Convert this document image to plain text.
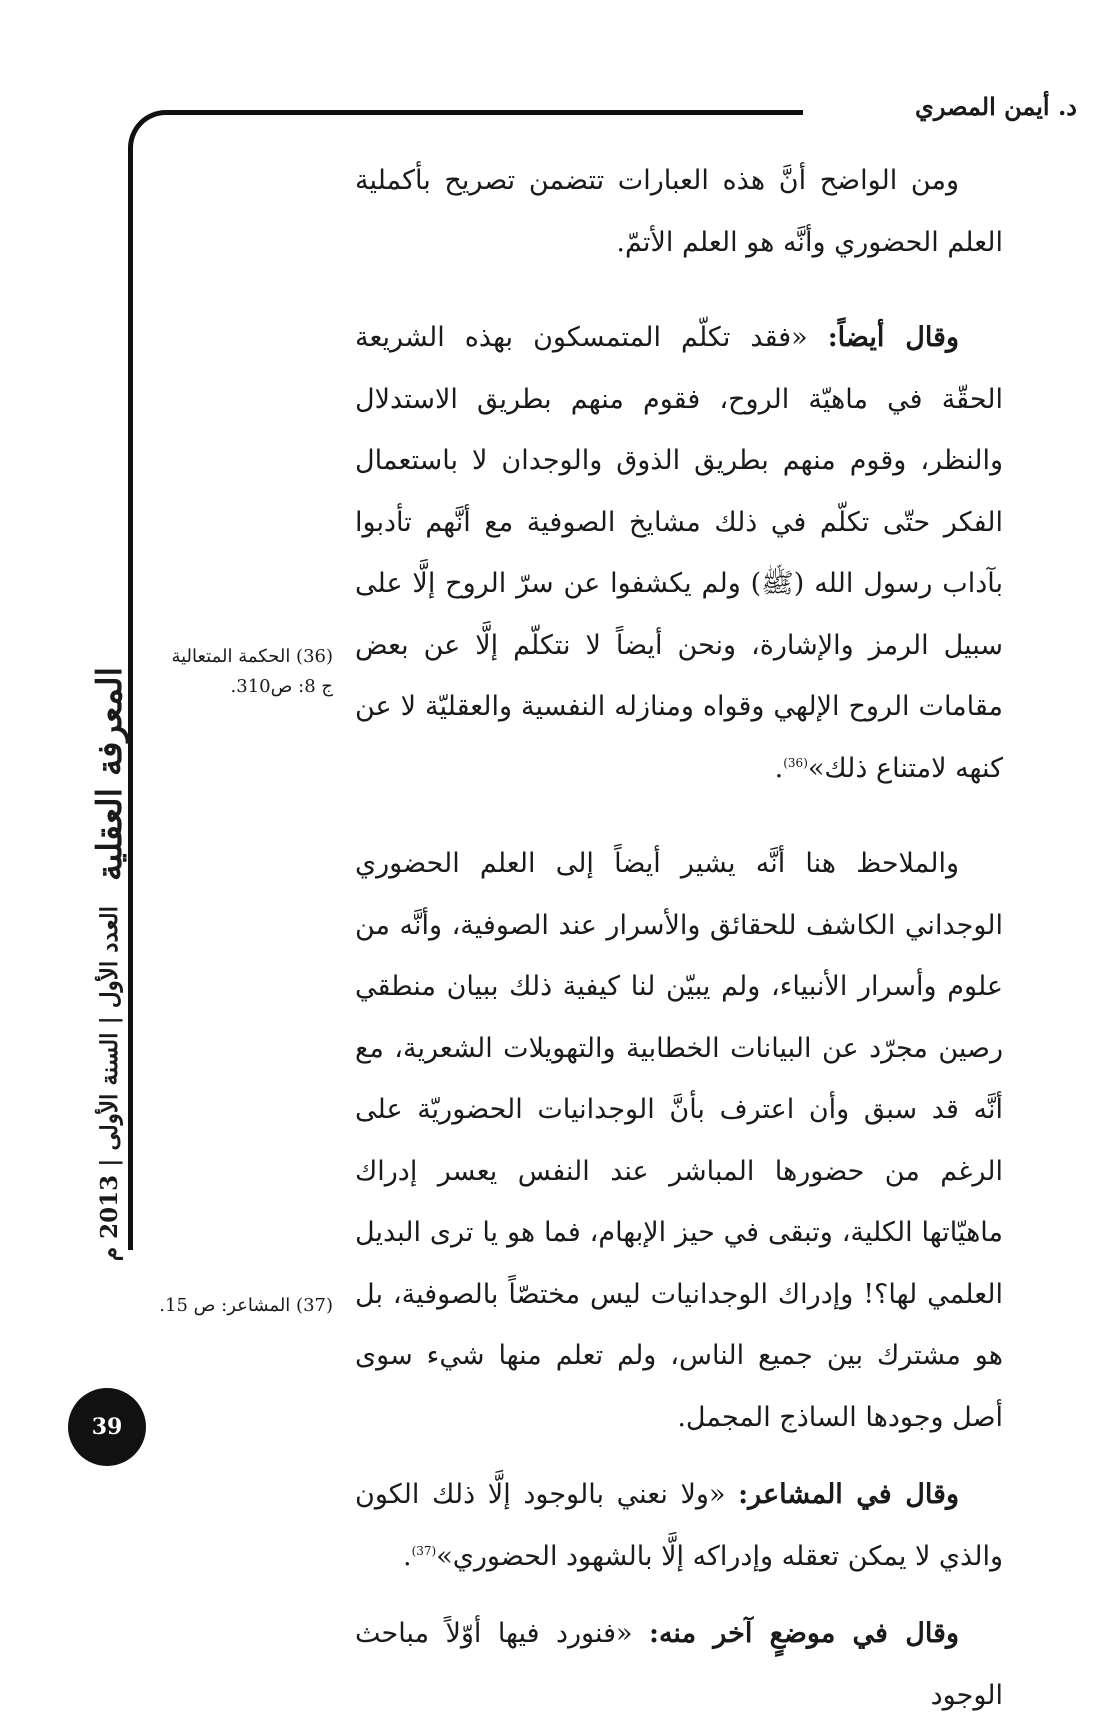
د. أيمن المصري

ومن الواضح أنَّ هذه العبارات تتضمن تصريح بأكملية العلم الحضوري وأنَّه هو العلم الأتمّ.

وقال أيضاً: «فقد تكلّم المتمسكون بهذه الشريعة الحقّة في ماهيّة الروح، فقوم منهم بطريق الاستدلال والنظر، وقوم منهم بطريق الذوق والوجدان لا باستعمال الفكر حتّى تكلّم في ذلك مشايخ الصوفية مع أنَّهم تأدبوا بآداب رسول الله (ﷺ) ولم يكشفوا عن سرّ الروح إلَّا على سبيل الرمز والإشارة، ونحن أيضاً لا نتكلّم إلَّا عن بعض مقامات الروح الإلهي وقواه ومنازله النفسية والعقليّة لا عن كنهه لامتناع ذلك»$^{(36)}$.

والملاحظ هنا أنَّه يشير أيضاً إلى العلم الحضوري الوجداني الكاشف للحقائق والأسرار عند الصوفية، وأنَّه من علوم وأسرار الأنبياء، ولم يبيّن لنا كيفية ذلك ببيان منطقي رصين مجرّد عن البيانات الخطابية والتهويلات الشعرية، مع أنَّه قد سبق وأن اعترف بأنَّ الوجدانيات الحضوريّة على الرغم من حضورها المباشر عند النفس يعسر إدراك ماهيّاتها الكلية، وتبقى في حيز الإبهام، فما هو يا ترى البديل العلمي لها؟! وإدراك الوجدانيات ليس مختصّاً بالصوفية، بل هو مشترك بين جميع الناس، ولم تعلم منها شيء سوى أصل وجودها الساذج المجمل.

وقال في المشاعر: «ولا نعني بالوجود إلَّا ذلك الكون والذي لا يمكن تعقله وإدراكه إلَّا بالشهود الحضوري»$^{(37)}$.

وقال في موضعٍ آخر منه: «فنورد فيها أوّلاً مباحث الوجود

(36) الحكمة المتعالية
ج 8: ص310.
(37) المشاعر: ص 15.
المعرفة العقلية
العدد الأول | السنة الأولى | 2013 م
39
